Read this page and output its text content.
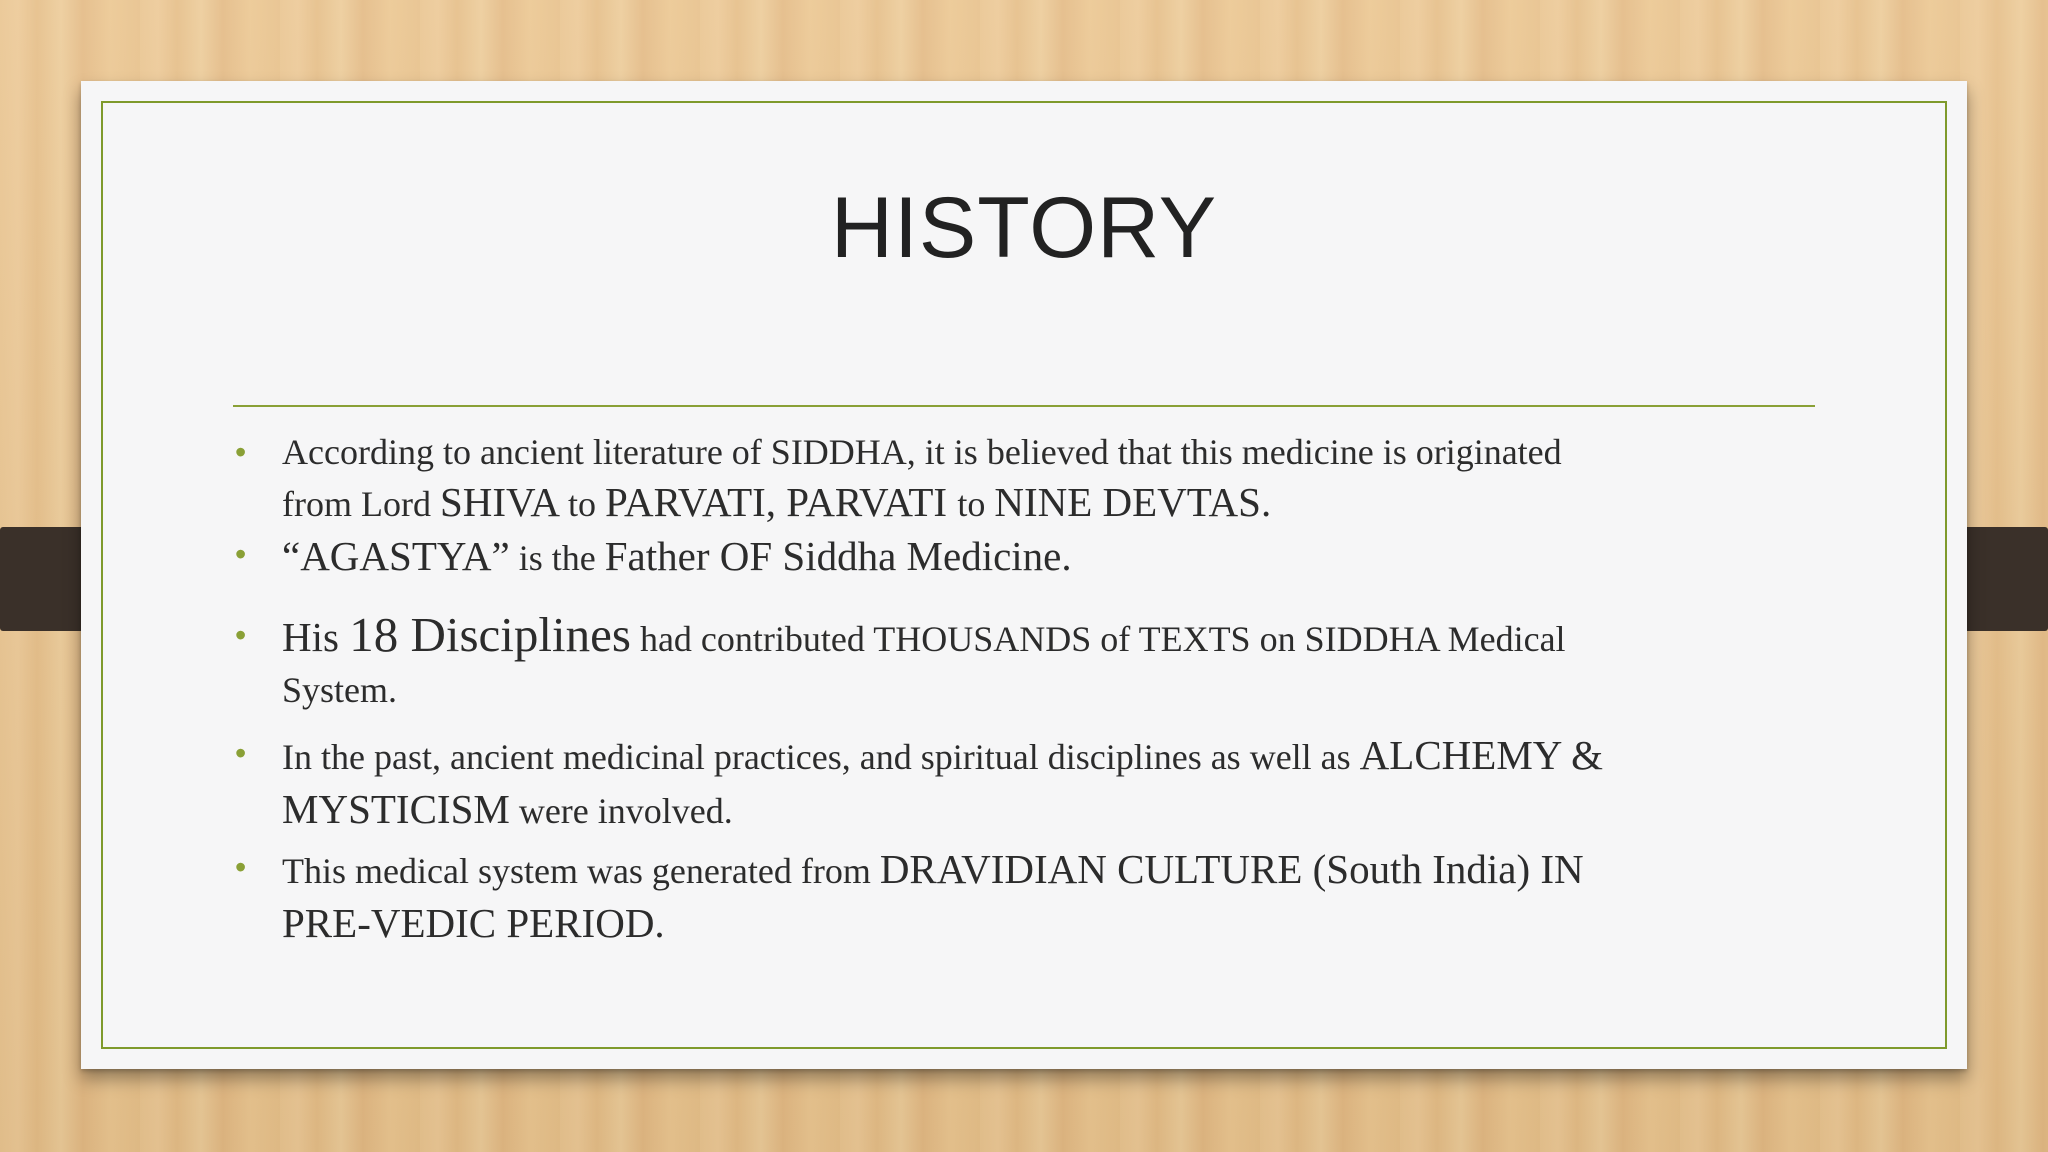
HISTORY
• According to ancient literature of SIDDHA, it is believed that this medicine is originated
from Lord SHIVA to PARVATI, PARVATI to NINE DEVTAS.
• “AGASTYA” is the Father OF Siddha Medicine.
• His 18 Disciplines had contributed THOUSANDS of TEXTS on SIDDHA Medical
System.
• In the past, ancient medicinal practices, and spiritual disciplines as well as ALCHEMY &
MYSTICISM were involved.
• This medical system was generated from DRAVIDIAN CULTURE (South India) IN
PRE-VEDIC PERIOD.
